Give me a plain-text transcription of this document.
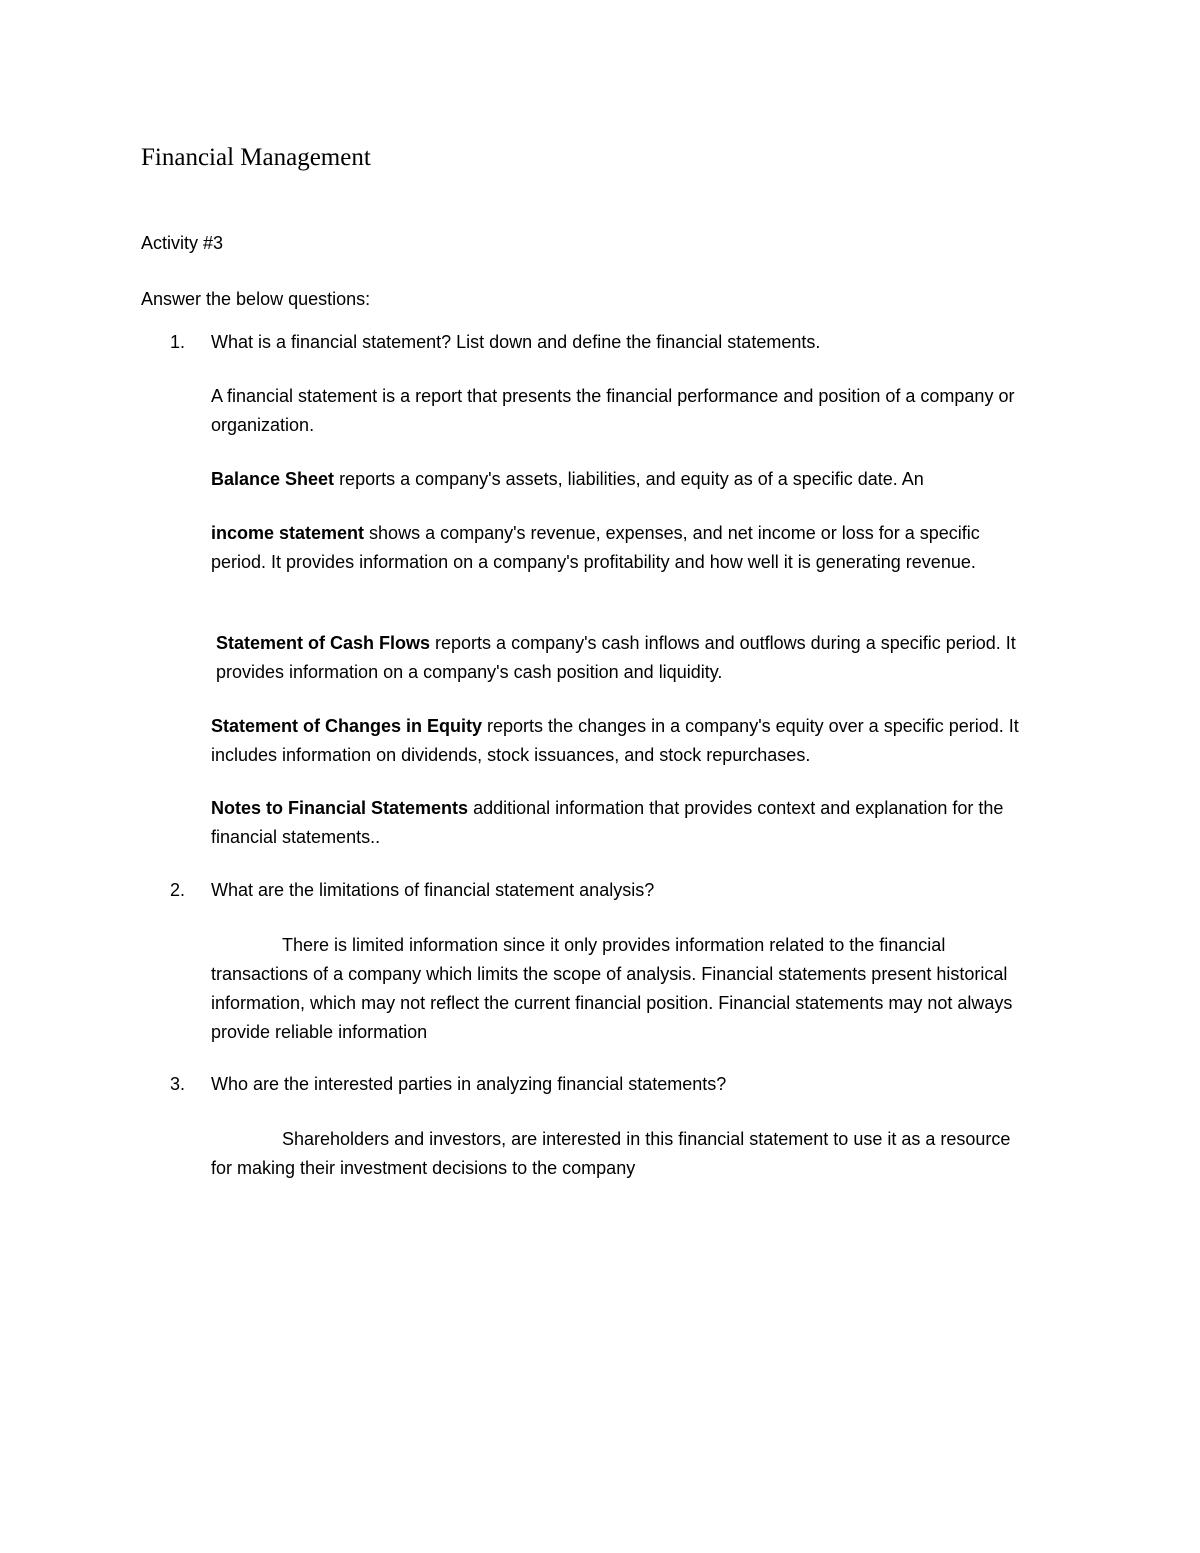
Financial Management
Activity #3
Answer the below questions:
1. What is a financial statement? List down and define the financial statements.
A financial statement is a report that presents the financial performance and position of a company or organization.
Balance Sheet reports a company's assets, liabilities, and equity as of a specific date. An
income statement shows a company's revenue, expenses, and net income or loss for a specific period. It provides information on a company's profitability and how well it is generating revenue.
Statement of Cash Flows reports a company's cash inflows and outflows during a specific period. It provides information on a company's cash position and liquidity.
Statement of Changes in Equity reports the changes in a company's equity over a specific period. It includes information on dividends, stock issuances, and stock repurchases.
Notes to Financial Statements additional information that provides context and explanation for the financial statements..
2. What are the limitations of financial statement analysis?
There is limited information since it only provides information related to the financial transactions of a company which limits the scope of analysis. Financial statements present historical information, which may not reflect the current financial position. Financial statements may not always provide reliable information
3. Who are the interested parties in analyzing financial statements?
Shareholders and investors, are interested in this financial statement to use it as a resource for making their investment decisions to the company
